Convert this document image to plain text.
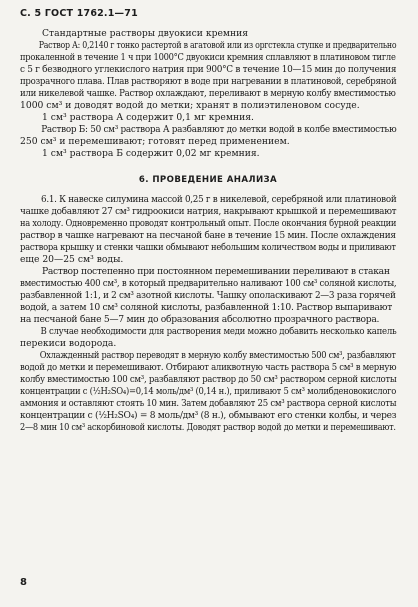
С. 5 ГОСТ 1762.1—71
Стандартные растворы двуокиси кремния
Раствор А: 0,2140 г тонко растертой в агатовой или из оргстекла ступке и предварительно
прокаленной в течение 1 ч при 1000°С двуокиси кремния сплавляют в платиновом тигле
с 5 г безводного углекислого натрия при 900°С в течение 10—15 мин до получения
прозрачного плава. Плав растворяют в воде при нагревании в платиновой, серебряной
или никелевой чашке. Раствор охлаждают, переливают в мерную колбу вместимостью
1000 см³ и доводят водой до метки; хранят в полиэтиленовом сосуде.
1 см³ раствора А содержит 0,1 мг кремния.
Раствор Б: 50 см³ раствора А разбавляют до метки водой в колбе вместимостью
250 см³ и перемешивают; готовят перед применением.
1 см³ раствора Б содержит 0,02 мг кремния.
6. ПРОВЕДЕНИЕ АНАЛИЗА
6.1. К навеске силумина массой 0,25 г в никелевой, серебряной или платиновой
чашке добавляют 27 см³ гидроокиси натрия, накрывают крышкой и перемешивают
на холоду. Одновременно проводят контрольный опыт. После окончания бурной реакции
раствор в чашке нагревают на песчаной бане в течение 15 мин. После охлаждения
раствора крышку и стенки чашки обмывают небольшим количеством воды и приливают
еще 20—25 см³ воды.
Раствор постепенно при постоянном перемешивании переливают в стакан
вместимостью 400 см³, в который предварительно наливают 100 см³ соляной кислоты,
разбавленной 1:1, и 2 см³ азотной кислоты. Чашку ополаскивают 2—3 раза горячей
водой, а затем 10 см³ соляной кислоты, разбавленной 1:10. Раствор выпаривают
на песчаной бане 5—7 мин до образования абсолютно прозрачного раствора.
В случае необходимости для растворения меди можно добавить несколько капель
перекиси водорода.
Охлажденный раствор переводят в мерную колбу вместимостью 500 см³, разбавляют
водой до метки и перемешивают. Отбирают аликвотную часть раствора 5 см³ в мерную
колбу вместимостью 100 см³, разбавляют раствор до 50 см³ раствором серной кислоты
концентрации c (½H₂SO₄)=0,14 моль/дм³ (0,14 н.), приливают 5 см³ молибденовокислого
аммония и оставляют стоять 10 мин. Затем добавляют 25 см³ раствора серной кислоты
концентрации c (½H₂SO₄) = 8 моль/дм³ (8 н.), обмывают его стенки колбы, и через
2—8 мин 10 см³ аскорбиновой кислоты. Доводят раствор водой до метки и перемешивают.
8
